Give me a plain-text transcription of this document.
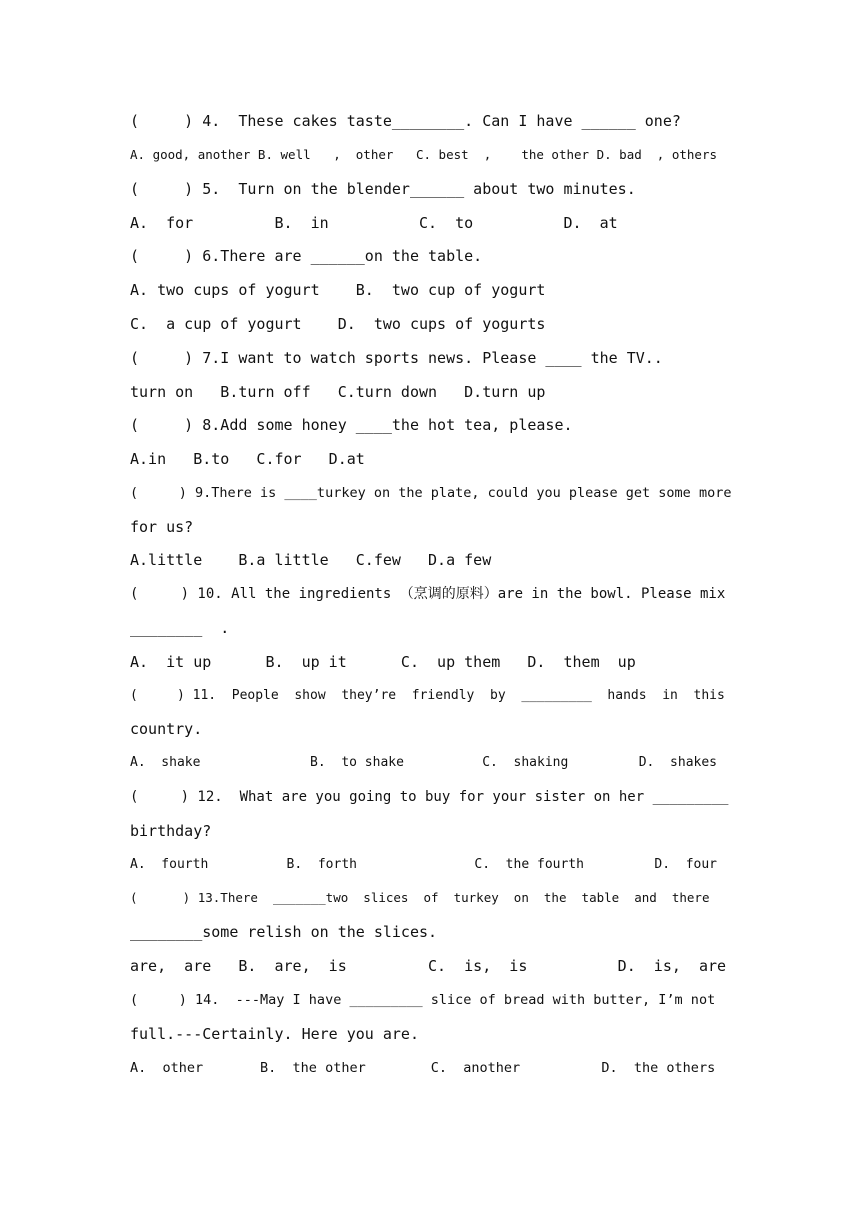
(     ) 4.  These cakes taste________. Can I have ______ one?
A. good, another B. well   ,  other   C. best  ,    the other D. bad  , others
(     ) 5.  Turn on the blender______ about two minutes.
A.  for         B.  in          C.  to          D.  at
(     ) 6.There are ______on the table.
A. two cups of yogurt    B.  two cup of yogurt
C.  a cup of yogurt    D.  two cups of yogurts
(     ) 7.I want to watch sports news. Please ____ the TV..
turn on   B.turn off   C.turn down   D.turn up
(     ) 8.Add some honey ____the hot tea, please.
A.in   B.to   C.for   D.at
(     ) 9.There is ____turkey on the plate, could you please get some more
for us?
A.little    B.a little   C.few   D.a few
(     ) 10. All the ingredients （烹调的原料）are in the bowl. Please mix
________  .
A.  it up      B.  up it      C.  up them   D.  them  up
(     ) 11.  People  show  they’re  friendly  by  _________  hands  in  this
country.
A.  shake              B.  to shake          C.  shaking         D.  shakes
(     ) 12.  What are you going to buy for your sister on her _________
birthday?
A.  fourth          B.  forth               C.  the fourth         D.  four
(      ) 13.There  _______two  slices  of  turkey  on  the  table  and  there
________some relish on the slices.
are,  are   B.  are,  is         C.  is,  is          D.  is,  are
(     ) 14.  ---May I have _________ slice of bread with butter, I’m not
full.---Certainly. Here you are.
A.  other       B.  the other        C.  another          D.  the others
